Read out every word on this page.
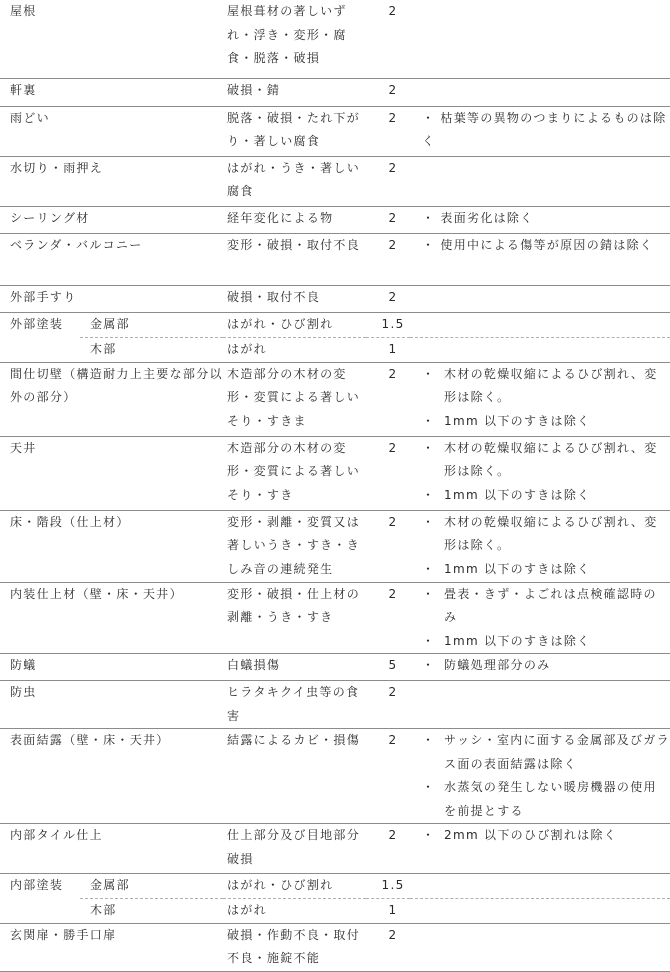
屋根		屋根葺材の著しいずれ・浮き・変形・腐食・脱落・破損	2	
軒裏		破損・錆	2	
雨どい		脱落・破損・たれ下がり・著しい腐食	2	・ 枯葉等の異物のつまりによるものは除く
水切り・雨押え		はがれ・うき・著しい腐食	2	
シーリング材		経年変化による物	2	・ 表面劣化は除く
ベランダ・バルコニー		変形・破損・取付不良	2	・ 使用中による傷等が原因の錆は除く
外部手すり		破損・取付不良	2	
外部塗装	金属部	はがれ・ひび割れ	1.5	
	木部	はがれ	1	
間仕切壁（構造耐力上主要な部分以外の部分）		木造部分の木材の変形・変質による著しいそり・すきま	2	・ 木材の乾燥収縮によるひび割れ、変形は除く。
・ 1mm 以下のすきは除く

天井		木造部分の木材の変形・変質による著しいそり・すき	2	・ 木材の乾燥収縮によるひび割れ、変形は除く。
・ 1mm 以下のすきは除く

床・階段（仕上材）		変形・剥離・変質又は著しいうき・すき・きしみ音の連続発生	2	・ 木材の乾燥収縮によるひび割れ、変形は除く。
・ 1mm 以下のすきは除く

内装仕上材（壁・床・天井）		変形・破損・仕上材の剥離・うき・すき	2	・ 畳表・きず・よごれは点検確認時のみ
・ 1mm 以下のすきは除く

防蟻		白蟻損傷	5	・ 防蟻処理部分のみ

防虫		ヒラタキクイ虫等の食害	2	
表面結露（壁・床・天井）		結露によるカビ・損傷	2	・ サッシ・室内に面する金属部及びガラス面の表面結露は除く
・ 水蒸気の発生しない暖房機器の使用を前提とする

内部タイル仕上		仕上部分及び目地部分破損	2	・ 2mm 以下のひび割れは除く

内部塗装	金属部	はがれ・ひび割れ	1.5	
	木部	はがれ	1	
玄関扉・勝手口扉		破損・作動不良・取付不良・施錠不能	2	
